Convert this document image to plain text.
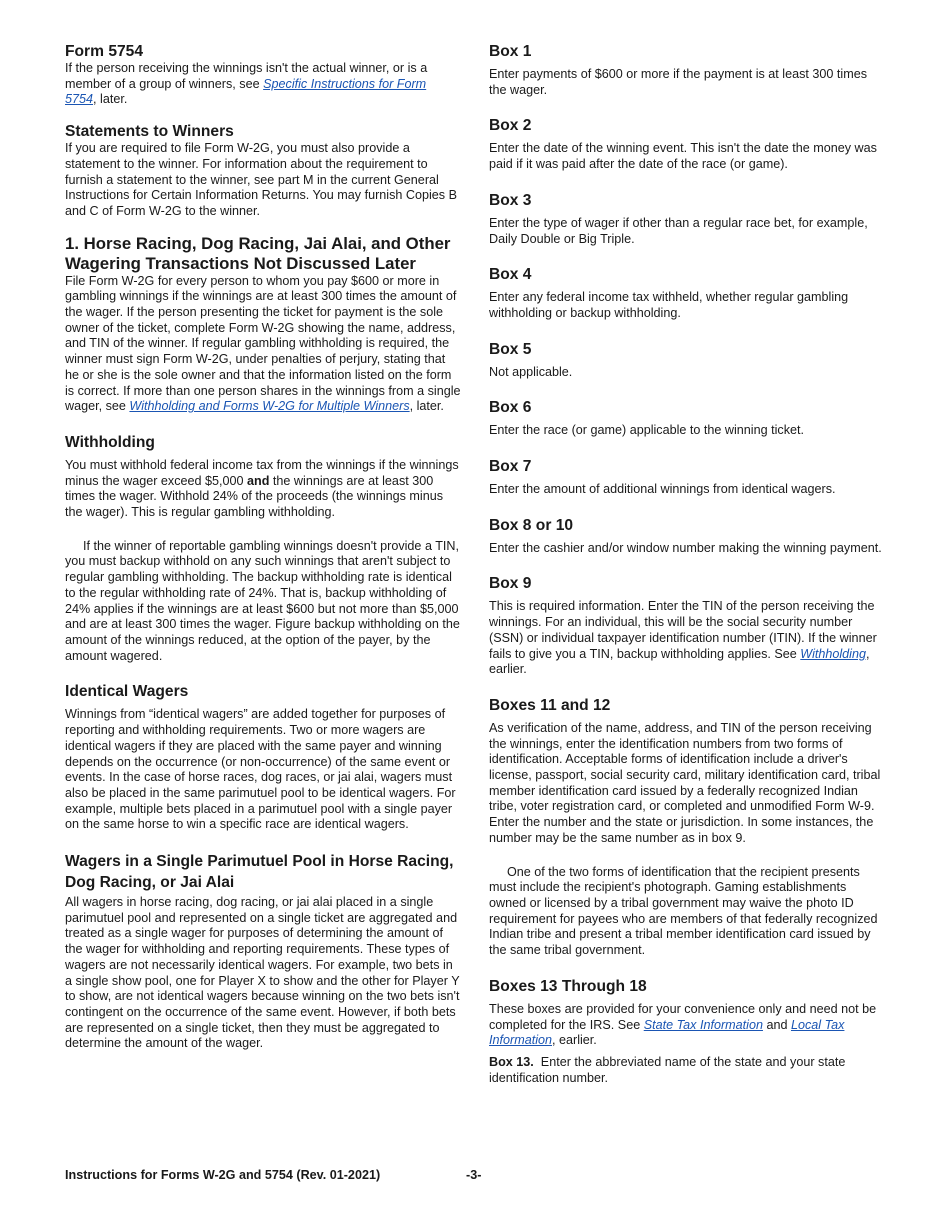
Form 5754

If the person receiving the winnings isn't the actual winner, or is a member of a group of winners, see Specific Instructions for Form 5754, later.

Statements to Winners

If you are required to file Form W-2G, you must also provide a statement to the winner. For information about the requirement to furnish a statement to the winner, see part M in the current General Instructions for Certain Information Returns. You may furnish Copies B and C of Form W-2G to the winner.

1. Horse Racing, Dog Racing, Jai Alai, and Other Wagering Transactions Not Discussed Later

File Form W-2G for every person to whom you pay $600 or more in gambling winnings if the winnings are at least 300 times the amount of the wager. If the person presenting the ticket for payment is the sole owner of the ticket, complete Form W-2G showing the name, address, and TIN of the winner. If regular gambling withholding is required, the winner must sign Form W-2G, under penalties of perjury, stating that he or she is the sole owner and that the information listed on the form is correct. If more than one person shares in the winnings from a single wager, see Withholding and Forms W-2G for Multiple Winners, later.

Withholding

You must withhold federal income tax from the winnings if the winnings minus the wager exceed $5,000 and the winnings are at least 300 times the wager. Withhold 24% of the proceeds (the winnings minus the wager). This is regular gambling withholding.

If the winner of reportable gambling winnings doesn't provide a TIN, you must backup withhold on any such winnings that aren't subject to regular gambling withholding. The backup withholding rate is identical to the regular withholding rate of 24%. That is, backup withholding of 24% applies if the winnings are at least $600 but not more than $5,000 and are at least 300 times the wager. Figure backup withholding on the amount of the winnings reduced, at the option of the payer, by the amount wagered.

Identical Wagers

Winnings from “identical wagers” are added together for purposes of reporting and withholding requirements. Two or more wagers are identical wagers if they are placed with the same payer and winning depends on the occurrence (or non-occurrence) of the same event or events. In the case of horse races, dog races, or jai alai, wagers must also be placed in the same parimutuel pool to be identical wagers. For example, multiple bets placed in a parimutuel pool with a single payer on the same horse to win a specific race are identical wagers.

Wagers in a Single Parimutuel Pool in Horse Racing, Dog Racing, or Jai Alai

All wagers in horse racing, dog racing, or jai alai placed in a single parimutuel pool and represented on a single ticket are aggregated and treated as a single wager for purposes of determining the amount of the wager for withholding and reporting requirements. These types of wagers are not necessarily identical wagers. For example, two bets in a single show pool, one for Player X to show and the other for Player Y to show, are not identical wagers because winning on the two bets isn't contingent on the occurrence of the same event. However, if both bets are represented on a single ticket, then they must be aggregated to determine the amount of the wager.

Box 1

Enter payments of $600 or more if the payment is at least 300 times the wager.

Box 2

Enter the date of the winning event. This isn't the date the money was paid if it was paid after the date of the race (or game).

Box 3

Enter the type of wager if other than a regular race bet, for example, Daily Double or Big Triple.

Box 4

Enter any federal income tax withheld, whether regular gambling withholding or backup withholding.

Box 5

Not applicable.

Box 6

Enter the race (or game) applicable to the winning ticket.

Box 7

Enter the amount of additional winnings from identical wagers.

Box 8 or 10

Enter the cashier and/or window number making the winning payment.

Box 9

This is required information. Enter the TIN of the person receiving the winnings. For an individual, this will be the social security number (SSN) or individual taxpayer identification number (ITIN). If the winner fails to give you a TIN, backup withholding applies. See Withholding, earlier.

Boxes 11 and 12

As verification of the name, address, and TIN of the person receiving the winnings, enter the identification numbers from two forms of identification. Acceptable forms of identification include a driver's license, passport, social security card, military identification card, tribal member identification card issued by a federally recognized Indian tribe, voter registration card, or completed and unmodified Form W-9. Enter the number and the state or jurisdiction. In some instances, the number may be the same number as in box 9.

One of the two forms of identification that the recipient presents must include the recipient's photograph. Gaming establishments owned or licensed by a tribal government may waive the photo ID requirement for payees who are members of that federally recognized Indian tribe and present a tribal member identification card issued by the same tribal government.

Boxes 13 Through 18

These boxes are provided for your convenience only and need not be completed for the IRS. See State Tax Information and Local Tax Information, earlier.

Box 13.  Enter the abbreviated name of the state and your state identification number.

Instructions for Forms W-2G and 5754 (Rev. 01-2021)	-3-
